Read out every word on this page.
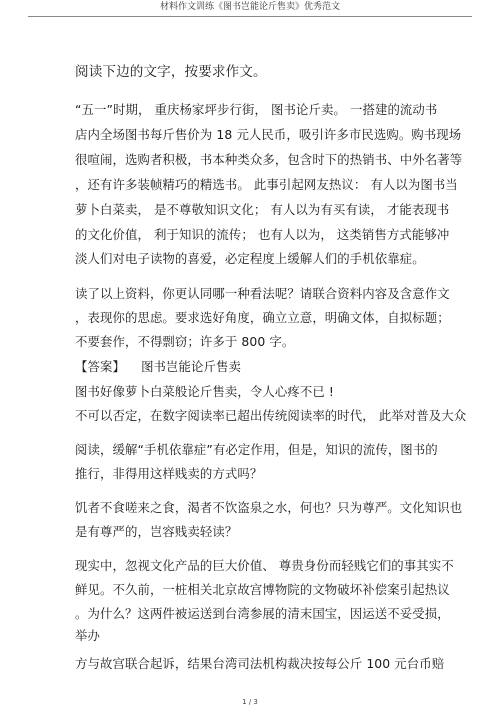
材料作文训练《图书岂能论斤售卖》优秀范文
阅读下边的文字，按要求作文。
“五一”时期， 重庆杨家坪步行街， 图书论斤卖。 一搭建的流动书
店内全场图书每斤售价为 18 元人民币，吸引许多市民选购。购书现场
很喧闹，选购者积极，书本种类众多，包含时下的热销书、中外名著等
，还有许多装帧精巧的精选书。 此事引起网友热议： 有人以为图书当
萝卜白菜卖， 是不尊敬知识文化； 有人以为有买有读， 才能表现书
的文化价值， 利于知识的流传； 也有人以为， 这类销售方式能够冲
淡人们对电子读物的喜爱，必定程度上缓解人们的手机依靠症。
读了以上资料，你更认同哪一种看法呢？请联合资料内容及含意作文
，表现你的思虑。要求选好角度，确立立意，明确文体，自拟标题；
不要套作，不得剽窃；许多于 800 字。
【答案】 图书岂能论斤售卖
图书好像萝卜白菜般论斤售卖，令人心疼不已 !
不可以否定，在数字阅读率已超出传统阅读率的时代， 此举对普及大众
阅读，缓解“手机依靠症”有必定作用，但是，知识的流传，图书的
推行，非得用这样贱卖的方式吗？
饥者不食嗟来之食，渴者不饮盗泉之水，何也？只为尊严。文化知识也
是有尊严的，岂容贱卖轻读？
现实中，忽视文化产品的巨大价值、 尊贵身份而轻贱它们的事其实不
鲜见。不久前，一桩相关北京故宫博物院的文物破坏补偿案引起热议
。为什么？这两件被运送到台湾参展的清末国宝，因运送不妥受损，
举办
方与故宫联合起诉，结果台湾司法机构裁决按每公斤 100 元台币赔
1 / 3
